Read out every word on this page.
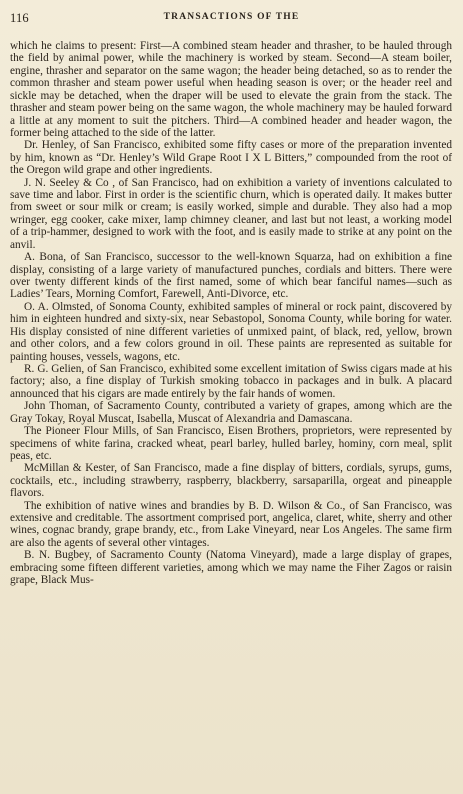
116	TRANSACTIONS OF THE

which he claims to present: First—A combined steam header and thrasher, to be hauled through the field by animal power, while the machinery is worked by steam. Second—A steam boiler, engine, thrasher and separator on the same wagon; the header being detached, so as to render the common thrasher and steam power useful when heading season is over; or the header reel and sickle may be detached, when the draper will be used to elevate the grain from the stack. The thrasher and steam power being on the same wagon, the whole machinery may be hauled forward a little at any moment to suit the pitchers. Third—A combined header and header wagon, the former being attached to the side of the latter.

Dr. Henley, of San Francisco, exhibited some fifty cases or more of the preparation invented by him, known as “Dr. Henley’s Wild Grape Root I X L Bitters,” compounded from the root of the Oregon wild grape and other ingredients.

J. N. Seeley & Co , of San Francisco, had on exhibition a variety of inventions calculated to save time and labor. First in order is the scientific churn, which is operated daily. It makes butter from sweet or sour milk or cream; is easily worked, simple and durable. They also had a mop wringer, egg cooker, cake mixer, lamp chimney cleaner, and last but not least, a working model of a trip-hammer, designed to work with the foot, and is easily made to strike at any point on the anvil.

A. Bona, of San Francisco, successor to the well-known Squarza, had on exhibition a fine display, consisting of a large variety of manufactured punches, cordials and bitters. There were over twenty different kinds of the first named, some of which bear fanciful names—such as Ladies’ Tears, Morning Comfort, Farewell, Anti-Divorce, etc.

O. A. Olmsted, of Sonoma County, exhibited samples of mineral or rock paint, discovered by him in eighteen hundred and sixty-six, near Sebastopol, Sonoma County, while boring for water. His display consisted of nine different varieties of unmixed paint, of black, red, yellow, brown and other colors, and a few colors ground in oil. These paints are represented as suitable for painting houses, vessels, wagons, etc.

R. G. Gelien, of San Francisco, exhibited some excellent imitation of Swiss cigars made at his factory; also, a fine display of Turkish smoking tobacco in packages and in bulk. A placard announced that his cigars are made entirely by the fair hands of women.

John Thoman, of Sacramento County, contributed a variety of grapes, among which are the Gray Tokay, Royal Muscat, Isabella, Muscat of Alexandria and Damascana.

The Pioneer Flour Mills, of San Francisco, Eisen Brothers, proprietors, were represented by specimens of white farina, cracked wheat, pearl barley, hulled barley, hominy, corn meal, split peas, etc.

McMillan & Kester, of San Francisco, made a fine display of bitters, cordials, syrups, gums, cocktails, etc., including strawberry, raspberry, blackberry, sarsaparilla, orgeat and pineapple flavors.

The exhibition of native wines and brandies by B. D. Wilson & Co., of San Francisco, was extensive and creditable. The assortment comprised port, angelica, claret, white, sherry and other wines, cognac brandy, grape brandy, etc., from Lake Vineyard, near Los Angeles. The same firm are also the agents of several other vintages.

B. N. Bugbey, of Sacramento County (Natoma Vineyard), made a large display of grapes, embracing some fifteen different varieties, among which we may name the Fiher Zagos or raisin grape, Black Mus-
